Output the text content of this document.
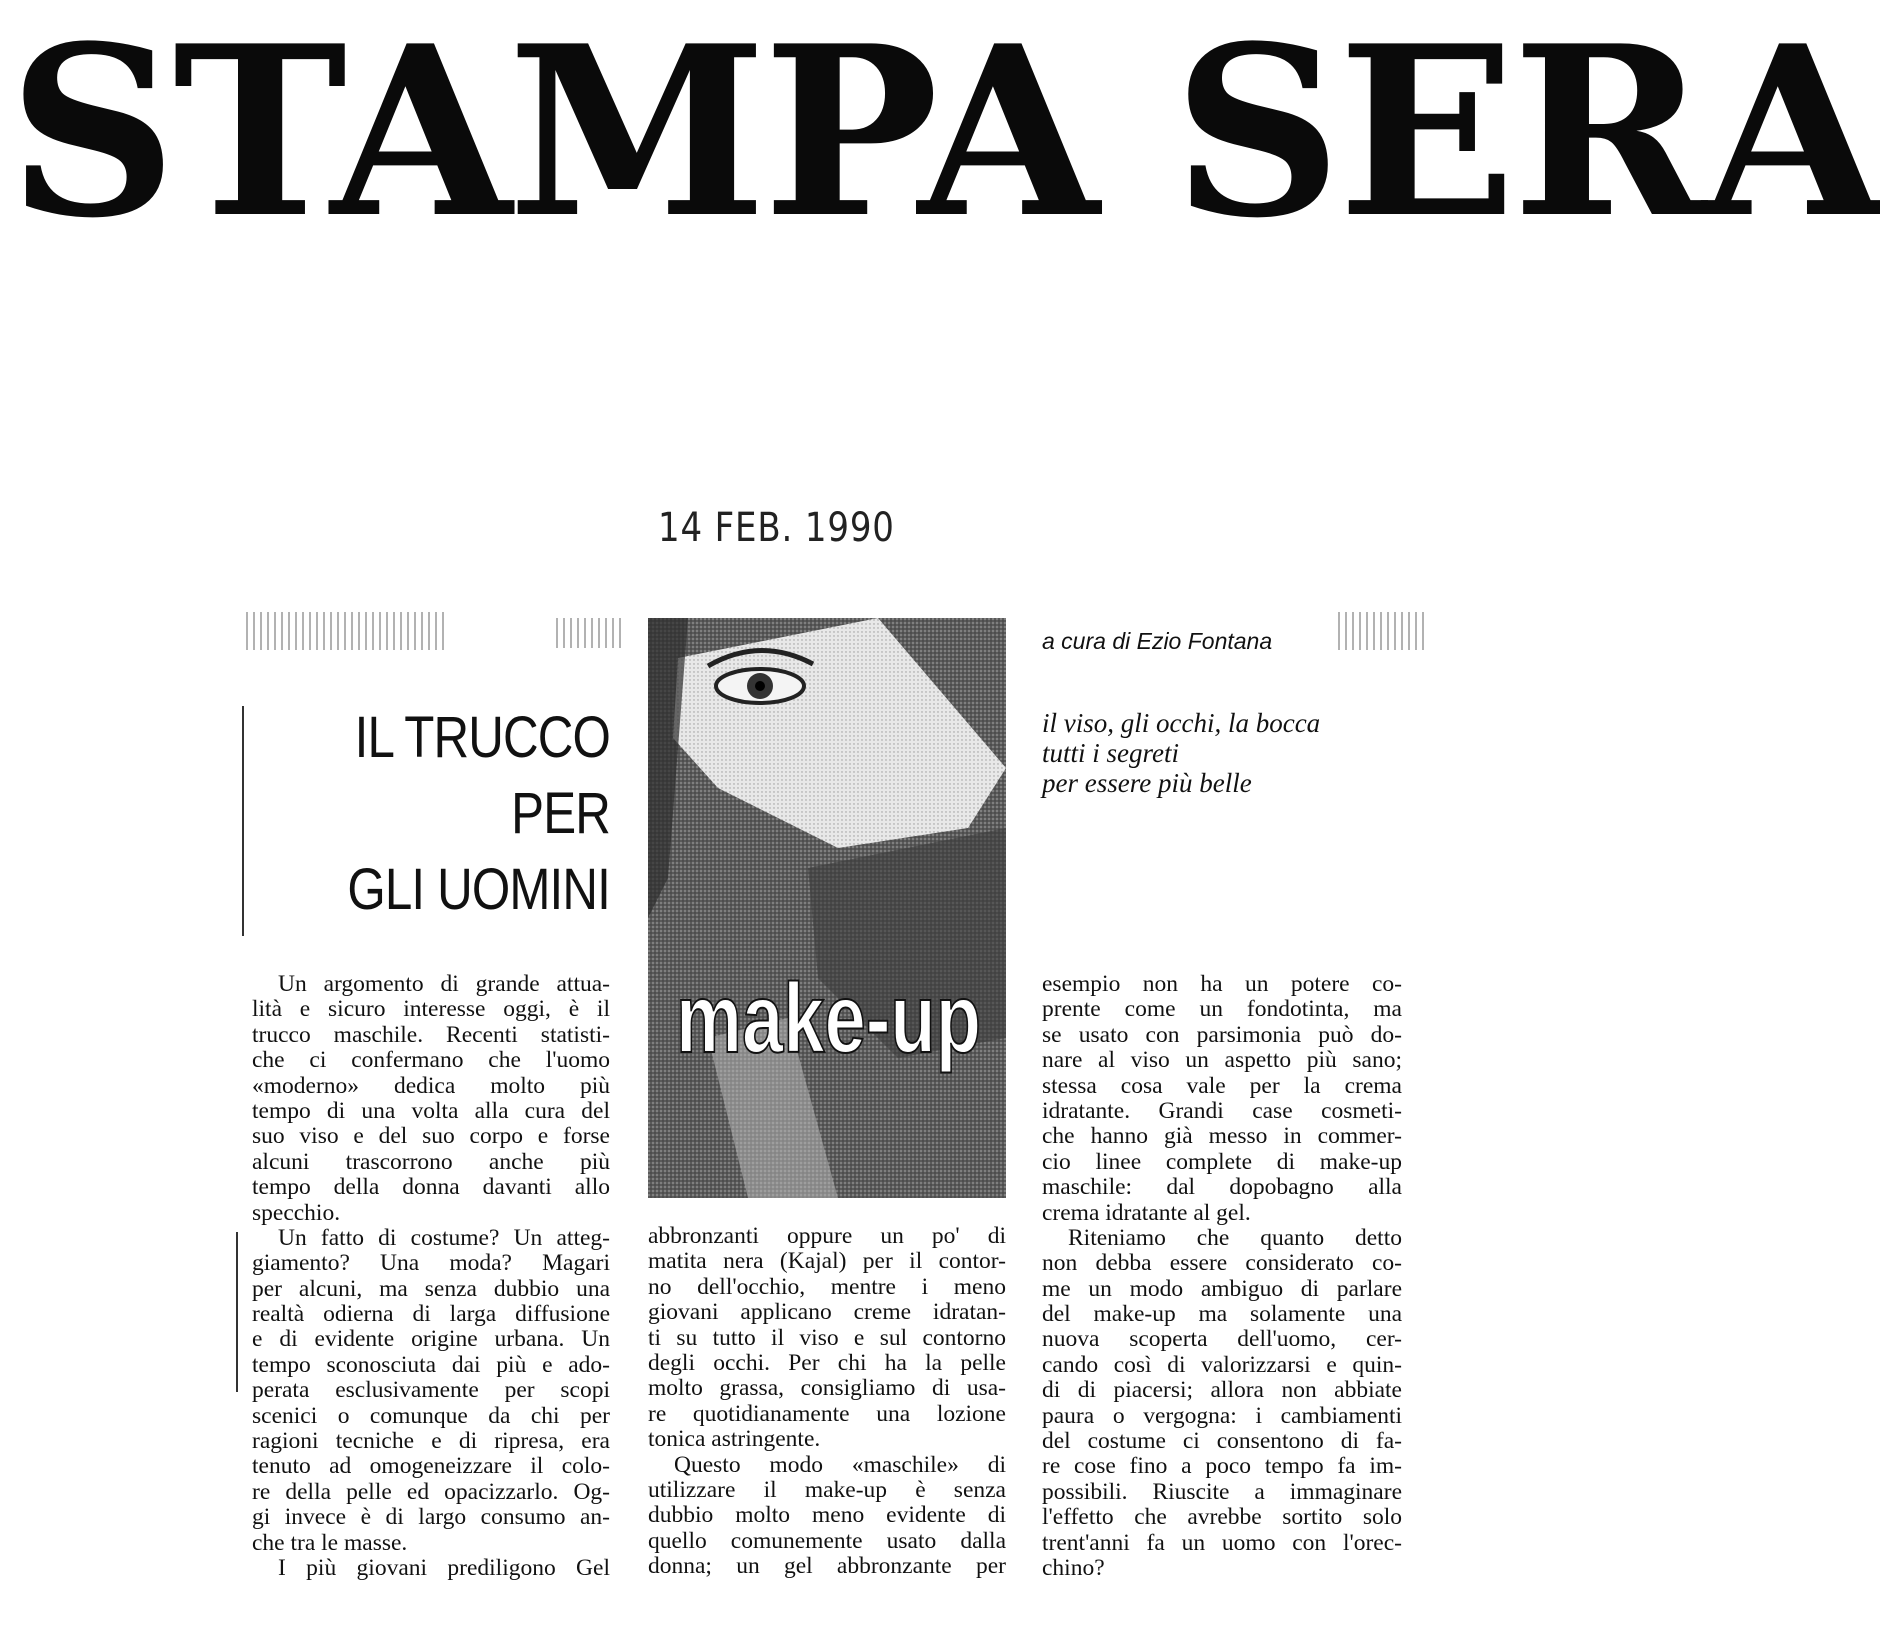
STAMPA SERA
14 FEB. 1990
IL TRUCCO
PER
GLI UOMINI
make-up
a cura di Ezio Fontana
il viso, gli occhi, la bocca
tutti i segreti
per essere più belle
Un argomento di grande attua-
lità e sicuro interesse oggi, è il
trucco maschile. Recenti statisti-
che ci confermano che l'uomo
«moderno» dedica molto più
tempo di una volta alla cura del
suo viso e del suo corpo e forse
alcuni trascorrono anche più
tempo della donna davanti allo
specchio.
Un fatto di costume? Un atteg-
giamento? Una moda? Magari
per alcuni, ma senza dubbio una
realtà odierna di larga diffusione
e di evidente origine urbana. Un
tempo sconosciuta dai più e ado-
perata esclusivamente per scopi
scenici o comunque da chi per
ragioni tecniche e di ripresa, era
tenuto ad omogeneizzare il colo-
re della pelle ed opacizzarlo. Og-
gi invece è di largo consumo an-
che tra le masse.
I più giovani prediligono Gel
abbronzanti oppure un po' di
matita nera (Kajal) per il contor-
no dell'occhio, mentre i meno
giovani applicano creme idratan-
ti su tutto il viso e sul contorno
degli occhi. Per chi ha la pelle
molto grassa, consigliamo di usa-
re quotidianamente una lozione
tonica astringente.
Questo modo «maschile» di
utilizzare il make-up è senza
dubbio molto meno evidente di
quello comunemente usato dalla
donna; un gel abbronzante per
esempio non ha un potere co-
prente come un fondotinta, ma
se usato con parsimonia può do-
nare al viso un aspetto più sano;
stessa cosa vale per la crema
idratante. Grandi case cosmeti-
che hanno già messo in commer-
cio linee complete di make-up
maschile: dal dopobagno alla
crema idratante al gel.
Riteniamo che quanto detto
non debba essere considerato co-
me un modo ambiguo di parlare
del make-up ma solamente una
nuova scoperta dell'uomo, cer-
cando così di valorizzarsi e quin-
di di piacersi; allora non abbiate
paura o vergogna: i cambiamenti
del costume ci consentono di fa-
re cose fino a poco tempo fa im-
possibili. Riuscite a immaginare
l'effetto che avrebbe sortito solo
trent'anni fa un uomo con l'orec-
chino?
